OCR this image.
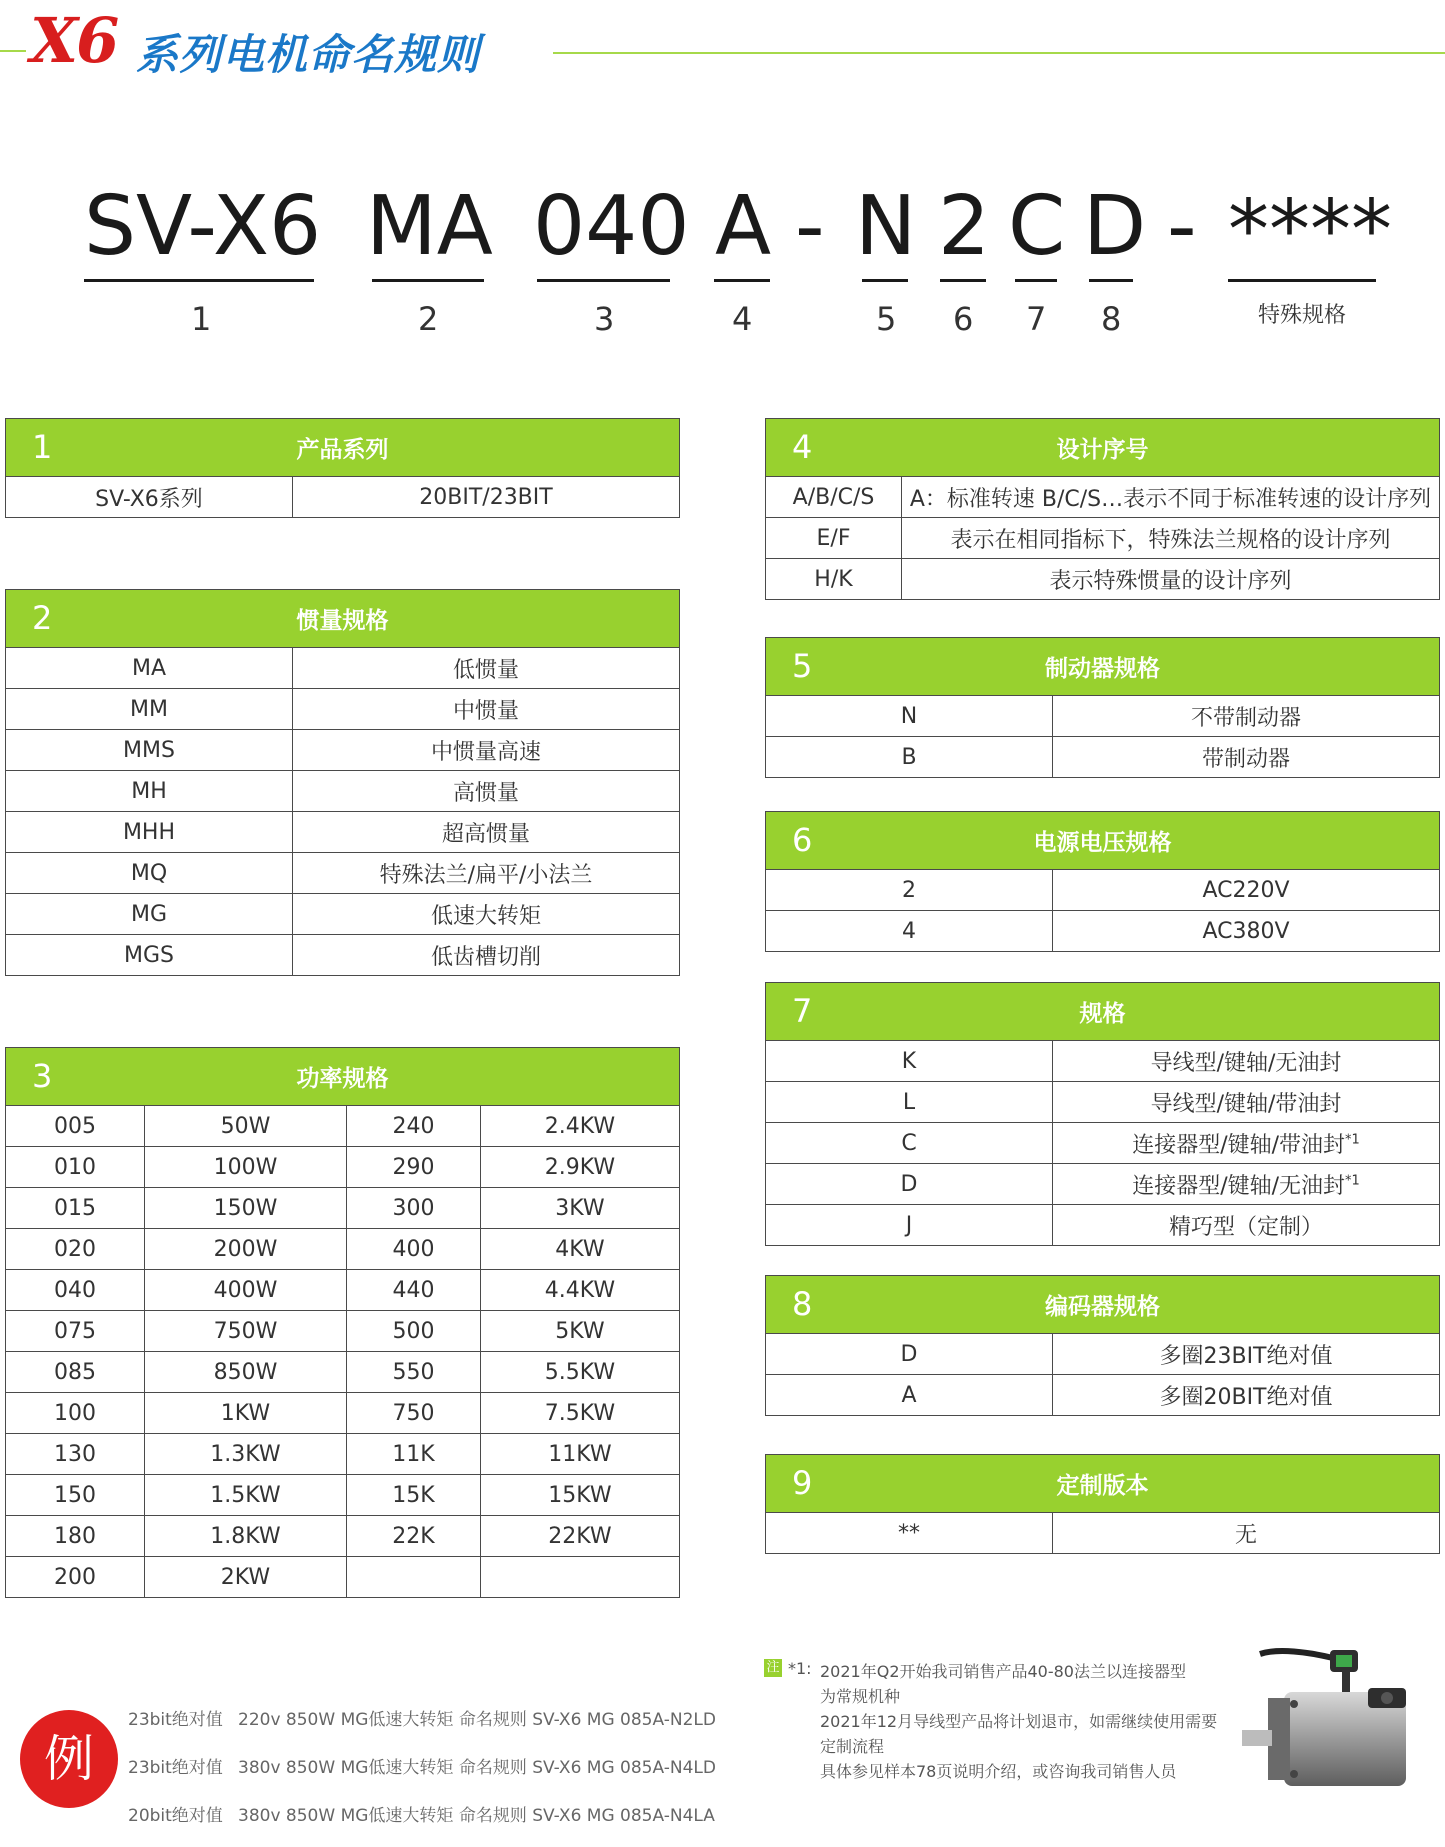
X6 系列电机命名规则
SV-X6 MA 040 A - N 2 C D - ****
1	2	3	4	5 6 7 8	特殊规格
1	产品系列
SV-X6系列	20BIT/23BIT
2 惯量规格	
MA	低惯量
MM	中惯量
MMS	中惯量高速
MH	高惯量
MHH	超高惯量
MQ	特殊法兰/扁平/小法兰
MG	低速大转矩
MGS	低齿槽切削
3 功率规格			
005	50W	240	2.4KW
010	100W	290	2.9KW
015	150W	300	3KW
020	200W	400	4KW
040	400W	440	4.4KW
075	750W	500	5KW
085	850W	550	5.5KW
100	1KW	750	7.5KW
130	1.3KW	11K	11KW
150	1.5KW	15K	15KW
180	1.8KW	22K	22KW
200	2KW		
4 设计序号	
A/B/C/S	A：标准转速 B/C/S…表示不同于标准转速的设计序列
E/F	表示在相同指标下，特殊法兰规格的设计序列
H/K	表示特殊惯量的设计序列
5 制动器规格	
N	不带制动器
B	带制动器
6 电源电压规格	
2	AC220V
4	AC380V
7 规格	
K	导线型/键轴/无油封
L	导线型/键轴/带油封
C	连接器型/键轴/带油封$^{*1}$
D	连接器型/键轴/无油封$^{*1}$
J	精巧型（定制）
8 编码器规格	
D	多圈23BIT绝对值
A	多圈20BIT绝对值
9	定制版本
**	无
例
23bit绝对值 220v 850W MG低速大转矩 命名规则 SV-X6 MG 085A-N2LD
23bit绝对值 380v 850W MG低速大转矩 命名规则 SV-X6 MG 085A-N4LD
20bit绝对值 380v 850W MG低速大转矩 命名规则 SV-X6 MG 085A-N4LA
注 *1: 2021年Q2开始我司销售产品40-80法兰以连接器型
为常规机种
2021年12月导线型产品将计划退市，如需继续使用需要
定制流程
具体参见样本78页说明介绍，或咨询我司销售人员
